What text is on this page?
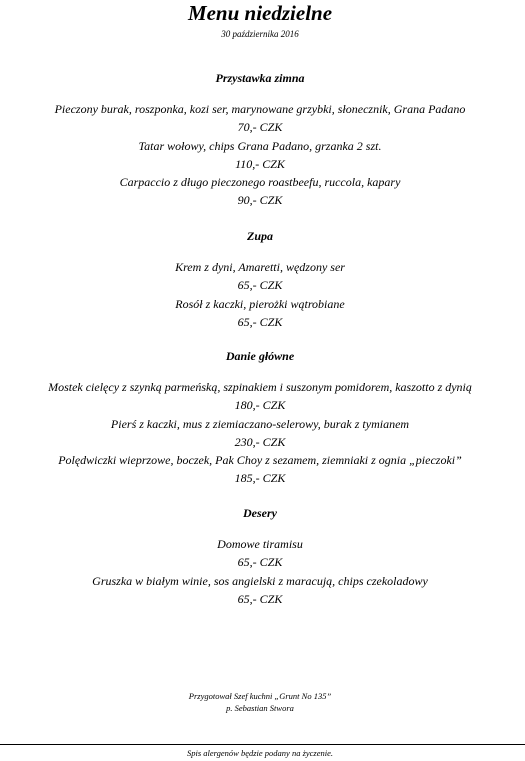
Menu niedzielne
30 października 2016
Przystawka zimna
Pieczony burak, roszponka, kozi ser, marynowane grzybki, słonecznik, Grana Padano
70,- CZK
Tatar wołowy, chips Grana Padano, grzanka 2 szt.
110,- CZK
Carpaccio z długo pieczonego roastbeefu, ruccola, kapary
90,- CZK
Zupa
Krem z dyni, Amaretti, wędzony ser
65,- CZK
Rosół z kaczki, pierożki wątrobiane
65,- CZK
Danie główne
Mostek cielęcy z szynką parmeńską, szpinakiem i suszonym pomidorem, kaszotto z dynią
180,- CZK
Pierś z kaczki, mus z ziemiaczano-selerowy, burak z tymianem
230,- CZK
Polędwiczki wieprzowe, boczek, Pak Choy z sezamem, ziemniaki z ognia „pieczoki”
185,- CZK
Desery
Domowe tiramisu
65,- CZK
Gruszka w białym winie, sos angielski z maracują, chips czekoladowy
65,- CZK
Przygotował Szef kuchni „Grunt No 135”
p. Sebastian Stwora
Spis alergenów będzie podany na życzenie.
